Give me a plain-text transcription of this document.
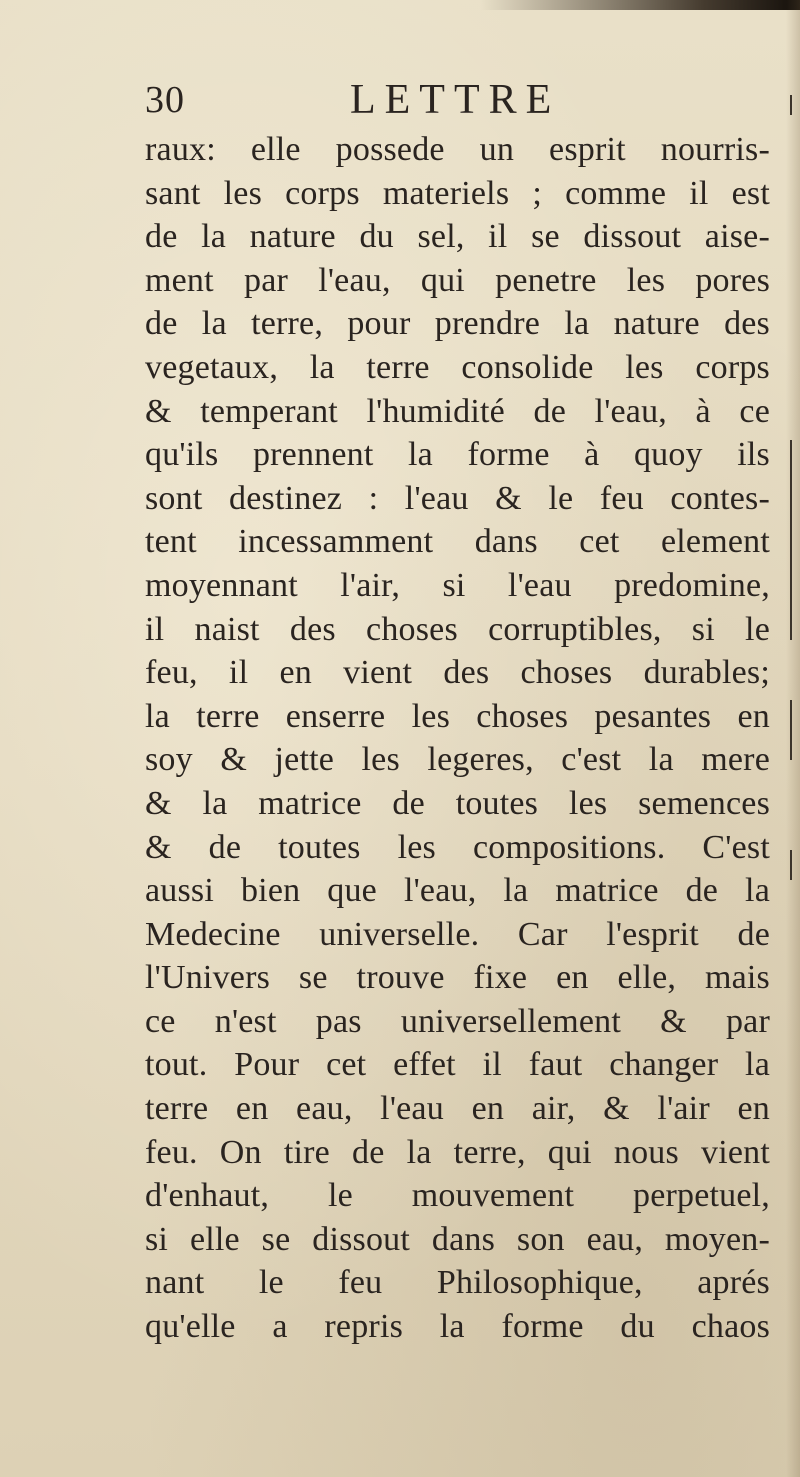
30	LETTRE
raux: elle possede un esprit nourris-
sant les corps materiels ; comme il est
de la nature du sel, il se dissout aise-
ment par l'eau, qui penetre les pores
de la terre, pour prendre la nature des
vegetaux, la terre consolide les corps
& temperant l'humidité de l'eau, à ce
qu'ils prennent la forme à quoy ils
sont destinez : l'eau & le feu contes-
tent incessamment dans cet element
moyennant l'air, si l'eau predomine,
il naist des choses corruptibles, si le
feu, il en vient des choses durables;
la terre enserre les choses pesantes en
soy & jette les legeres, c'est la mere
& la matrice de toutes les semences
& de toutes les compositions. C'est
aussi bien que l'eau, la matrice de la
Medecine universelle. Car l'esprit de
l'Univers se trouve fixe en elle, mais
ce n'est pas universellement & par
tout. Pour cet effet il faut changer la
terre en eau, l'eau en air, & l'air en
feu. On tire de la terre, qui nous vient
d'enhaut, le mouvement perpetuel,
si elle se dissout dans son eau, moyen-
nant le feu Philosophique, aprés
qu'elle a repris la forme du chaos
